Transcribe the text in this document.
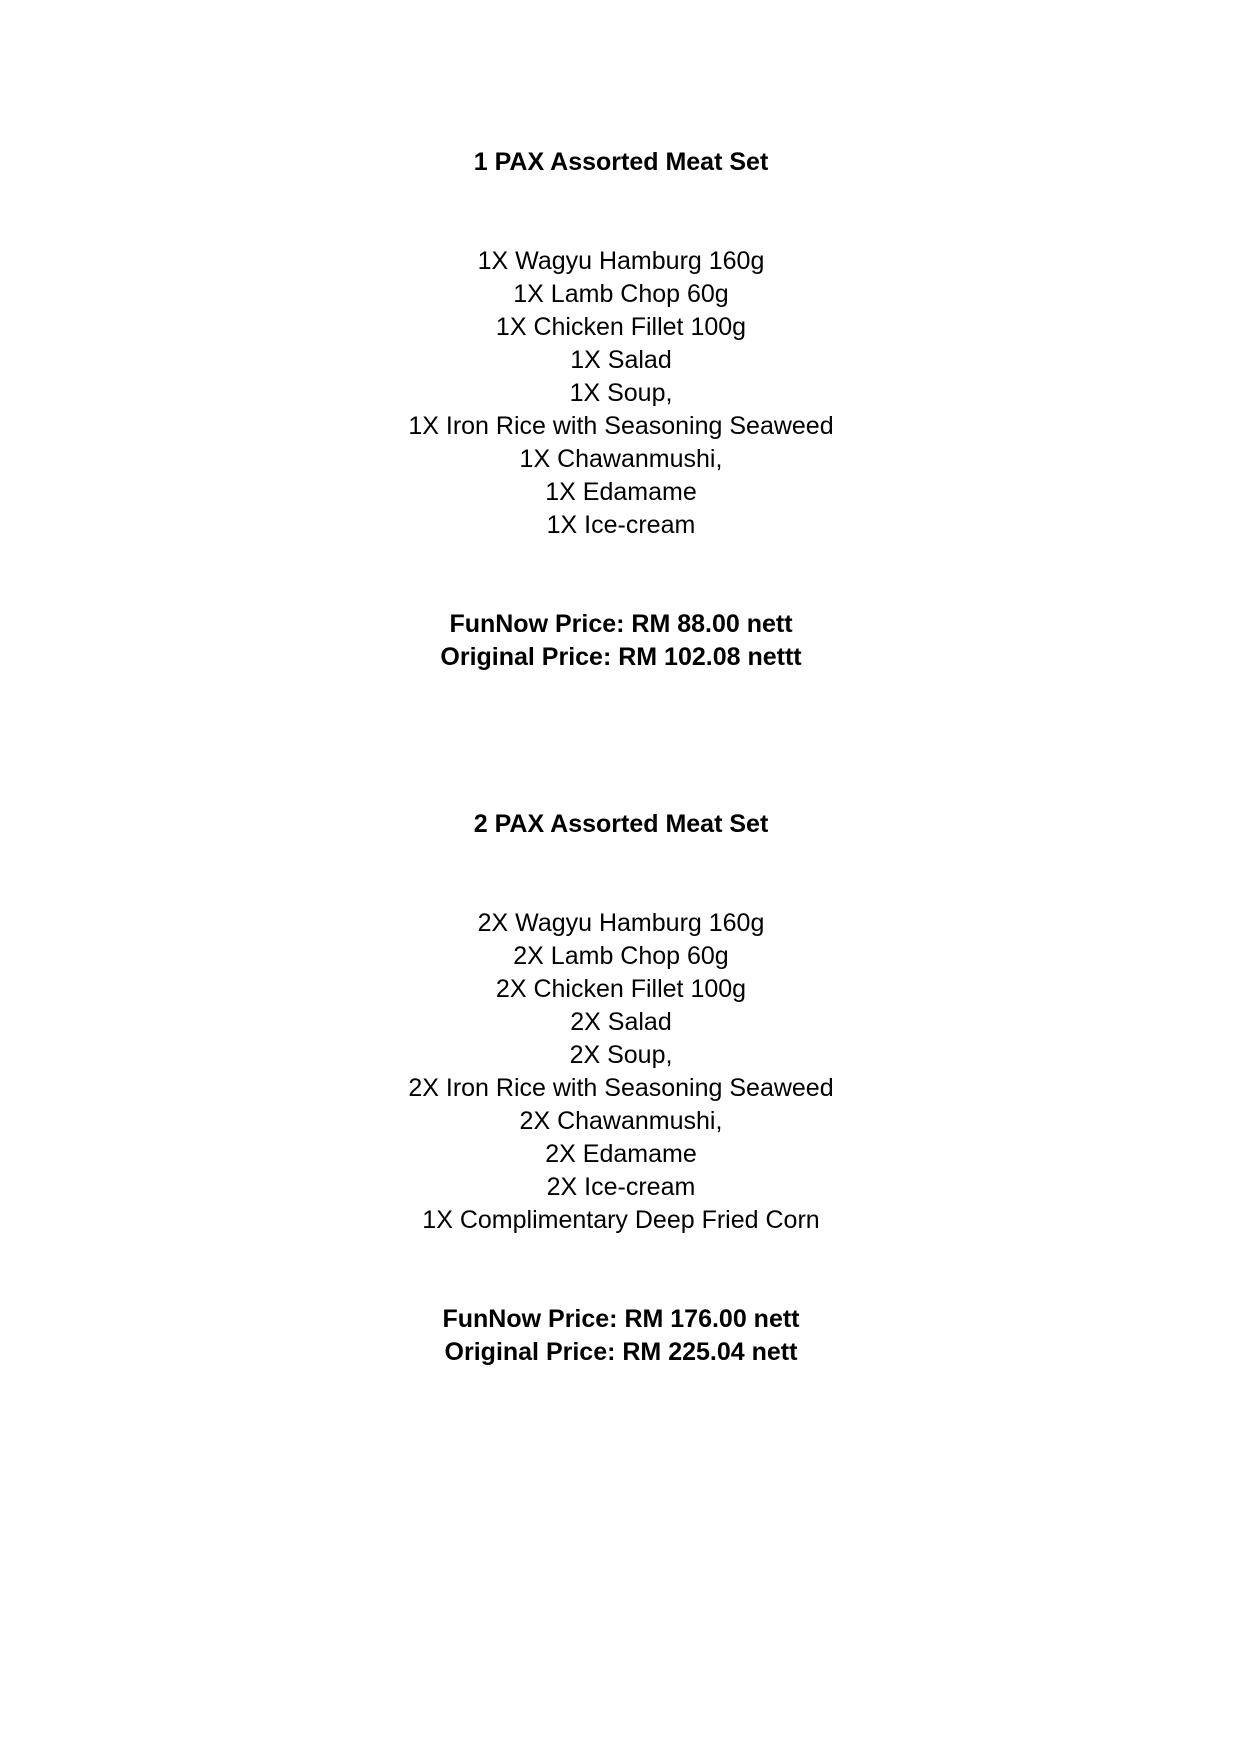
1 PAX Assorted Meat Set
1X Wagyu Hamburg 160g
1X Lamb Chop 60g
1X Chicken Fillet 100g
1X Salad
1X Soup,
1X Iron Rice with Seasoning Seaweed
1X Chawanmushi,
1X Edamame
1X Ice-cream

FunNow Price: RM 88.00 nett

Original Price: RM 102.08 nettt

2 PAX Assorted Meat Set
2X Wagyu Hamburg 160g
2X Lamb Chop 60g
2X Chicken Fillet 100g
2X Salad
2X Soup,
2X Iron Rice with Seasoning Seaweed
2X Chawanmushi,
2X Edamame
2X Ice-cream
1X Complimentary Deep Fried Corn

FunNow Price: RM 176.00 nett

Original Price: RM 225.04 nett
